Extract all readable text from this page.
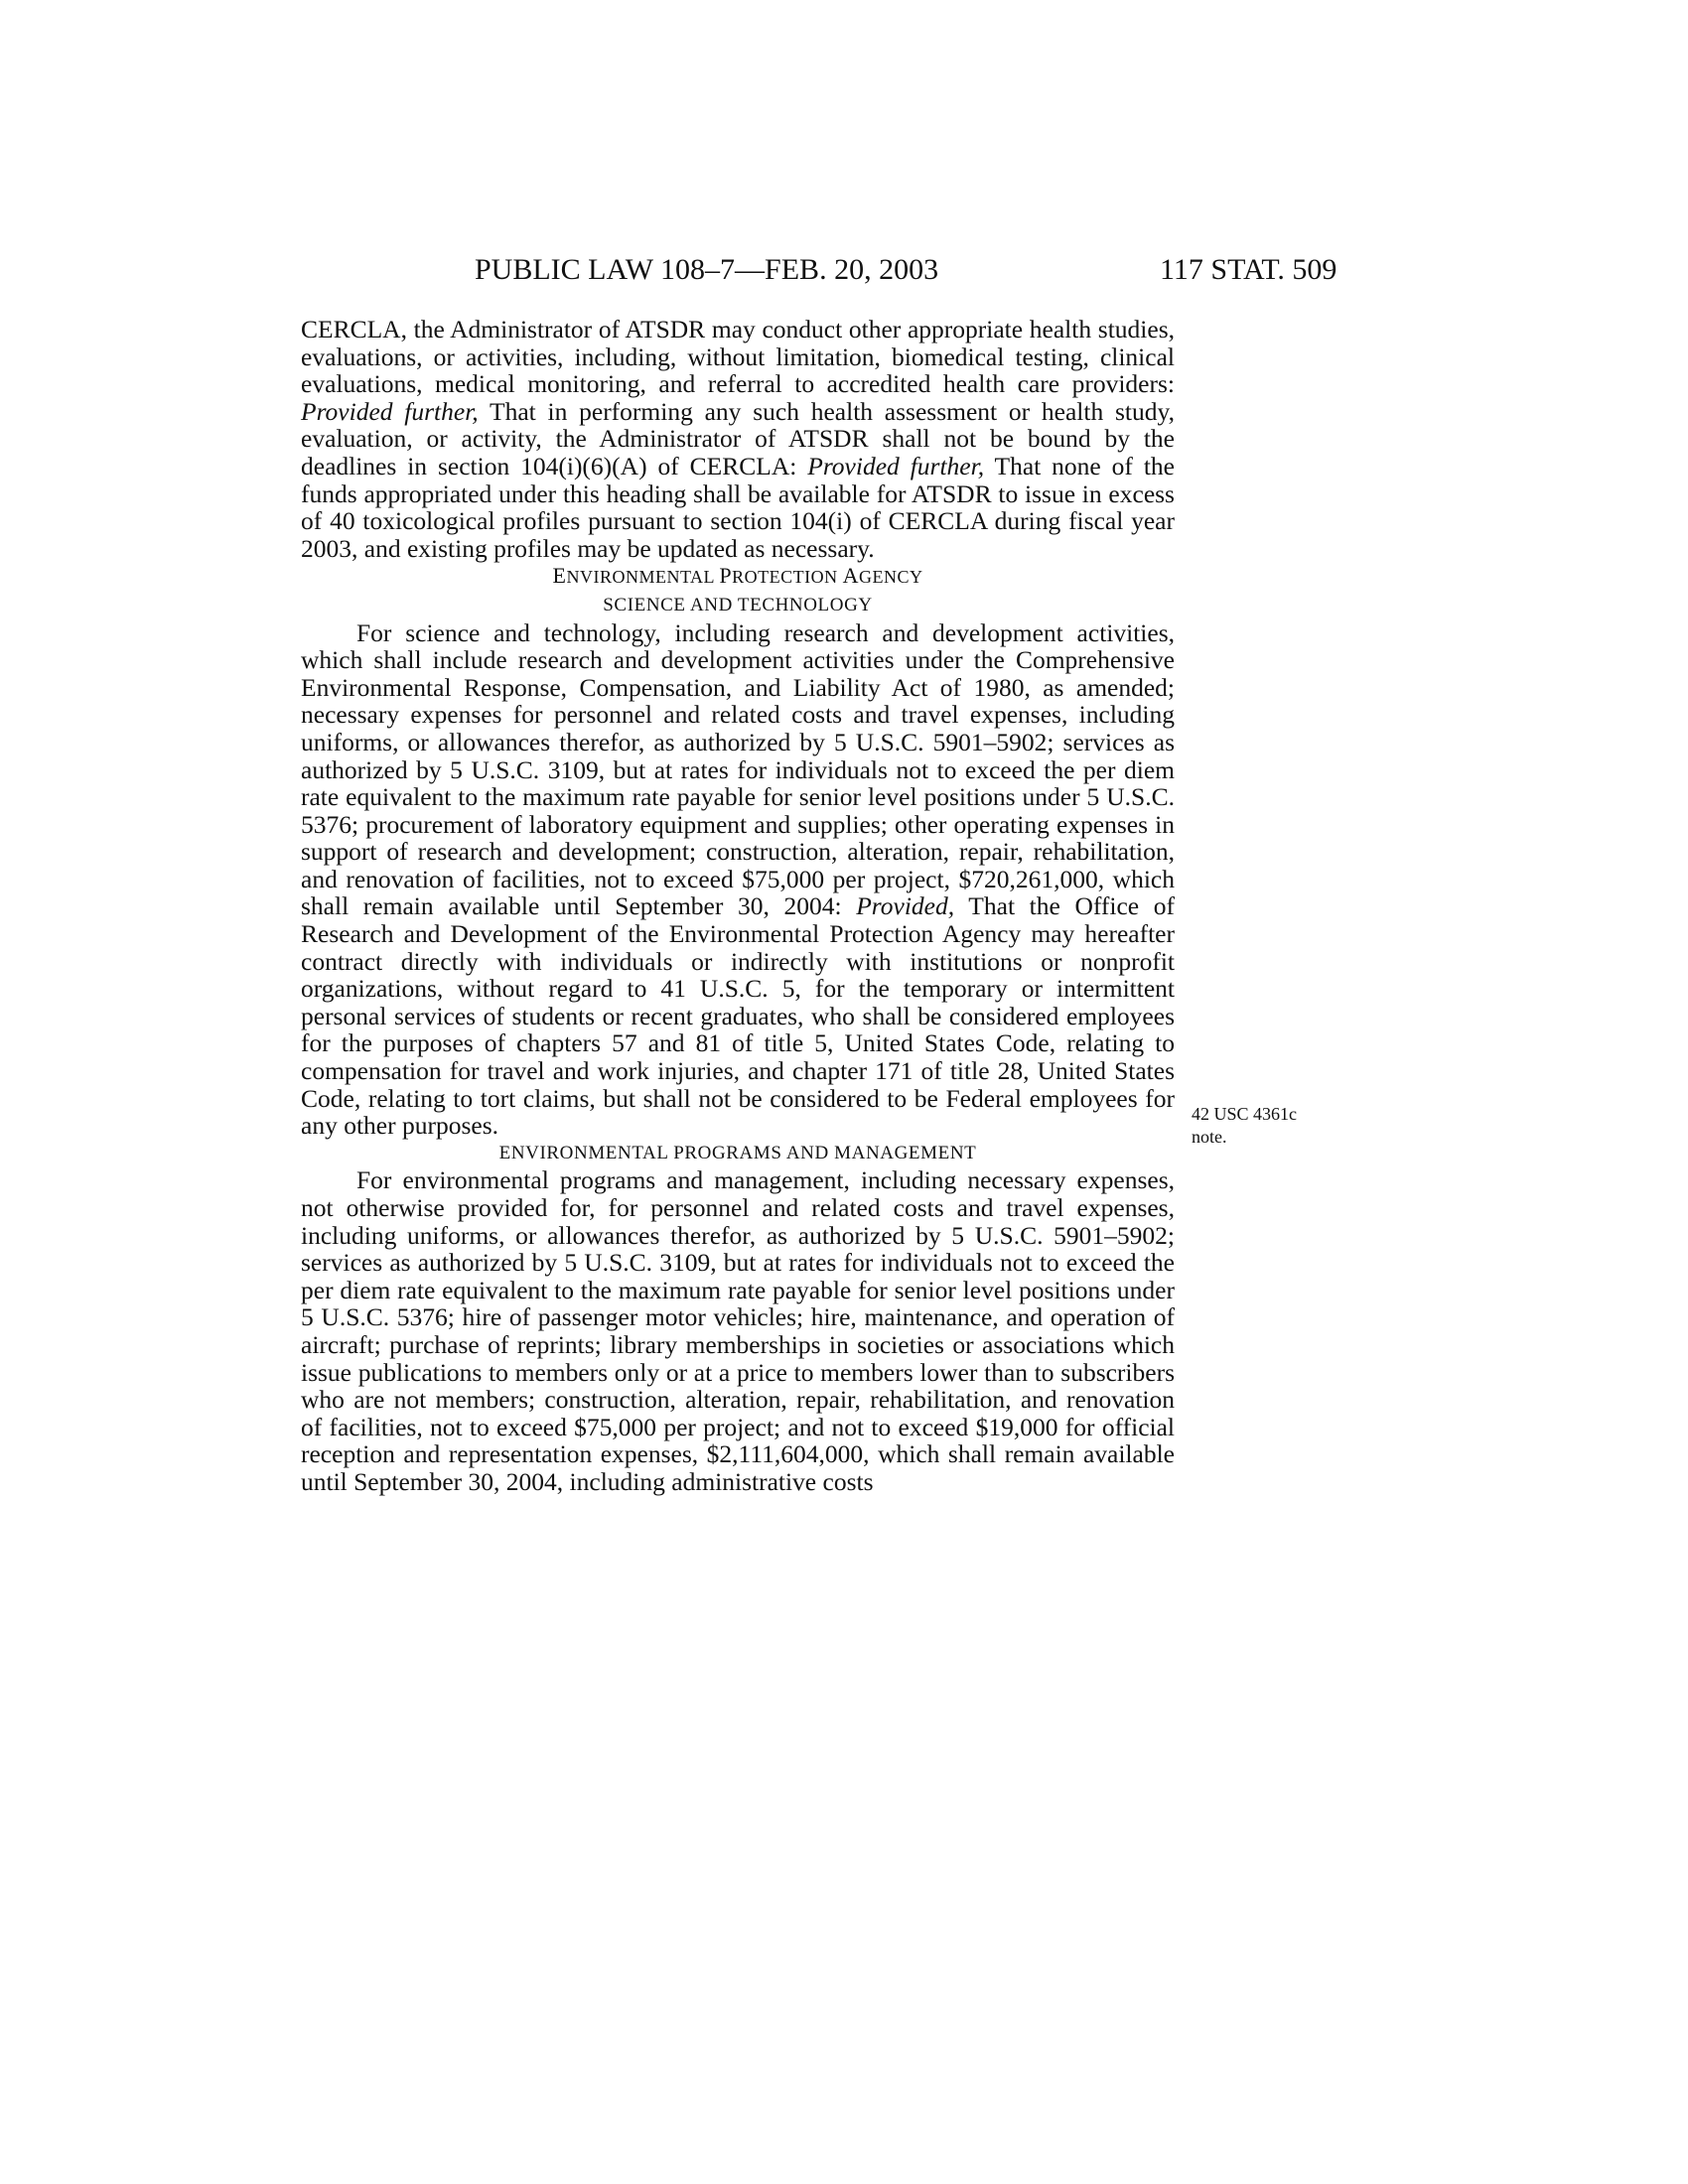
PUBLIC LAW 108–7—FEB. 20, 2003	117 STAT. 509

CERCLA, the Administrator of ATSDR may conduct other appropriate health studies, evaluations, or activities, including, without limitation, biomedical testing, clinical evaluations, medical monitoring, and referral to accredited health care providers: Provided further, That in performing any such health assessment or health study, evaluation, or activity, the Administrator of ATSDR shall not be bound by the deadlines in section 104(i)(6)(A) of CERCLA: Provided further, That none of the funds appropriated under this heading shall be available for ATSDR to issue in excess of 40 toxicological profiles pursuant to section 104(i) of CERCLA during fiscal year 2003, and existing profiles may be updated as necessary.

ENVIRONMENTAL PROTECTION AGENCY

SCIENCE AND TECHNOLOGY

For science and technology, including research and development activities, which shall include research and development activities under the Comprehensive Environmental Response, Compensation, and Liability Act of 1980, as amended; necessary expenses for personnel and related costs and travel expenses, including uniforms, or allowances therefor, as authorized by 5 U.S.C. 5901–5902; services as authorized by 5 U.S.C. 3109, but at rates for individuals not to exceed the per diem rate equivalent to the maximum rate payable for senior level positions under 5 U.S.C. 5376; procurement of laboratory equipment and supplies; other operating expenses in support of research and development; construction, alteration, repair, rehabilitation, and renovation of facilities, not to exceed $75,000 per project, $720,261,000, which shall remain available until September 30, 2004: Provided, That the Office of Research and Development of the Environmental Protection Agency may hereafter contract directly with individuals or indirectly with institutions or nonprofit organizations, without regard to 41 U.S.C. 5, for the temporary or intermittent personal services of students or recent graduates, who shall be considered employees for the purposes of chapters 57 and 81 of title 5, United States Code, relating to compensation for travel and work injuries, and chapter 171 of title 28, United States Code, relating to tort claims, but shall not be considered to be Federal employees for any other purposes.

ENVIRONMENTAL PROGRAMS AND MANAGEMENT

For environmental programs and management, including necessary expenses, not otherwise provided for, for personnel and related costs and travel expenses, including uniforms, or allowances therefor, as authorized by 5 U.S.C. 5901–5902; services as authorized by 5 U.S.C. 3109, but at rates for individuals not to exceed the per diem rate equivalent to the maximum rate payable for senior level positions under 5 U.S.C. 5376; hire of passenger motor vehicles; hire, maintenance, and operation of aircraft; purchase of reprints; library memberships in societies or associations which issue publications to members only or at a price to members lower than to subscribers who are not members; construction, alteration, repair, rehabilitation, and renovation of facilities, not to exceed $75,000 per project; and not to exceed $19,000 for official reception and representation expenses, $2,111,604,000, which shall remain available until September 30, 2004, including administrative costs

42 USC 4361c
note.
